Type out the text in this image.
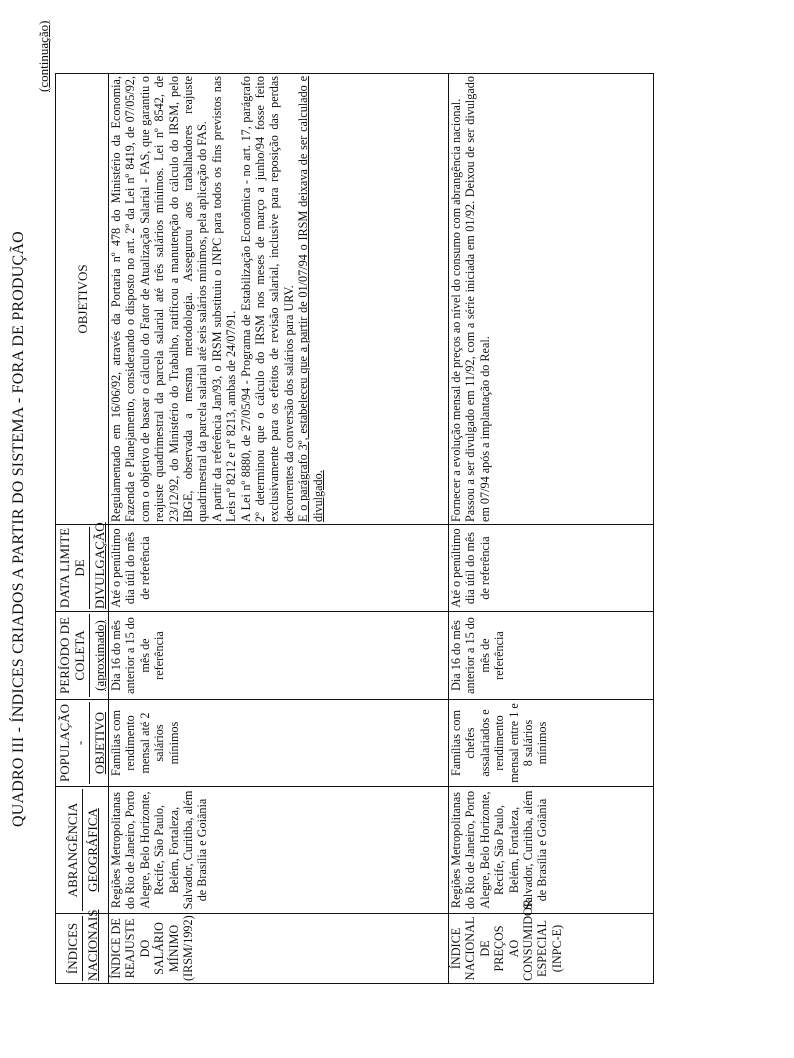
QUADRO III - ÍNDICES CRIADOS A PARTIR DO SISTEMA - FORA DE PRODUÇÃO
(continuação)
ÍNDICES NACIONAIS	ABRANGÊNCIA GEOGRÁFICA	POPULAÇÃO - OBJETIVO	PERÍODO DE COLETA (aproximado)	DATA LIMITE DE DIVULGAÇÃO	OBJETIVOS
ÍNDICE DE REAJUSTE DO SALÁRIO MÍNIMO (IRSM/1992)	Regiões Metropolitanas do Rio de Janeiro, Porto Alegre, Belo Horizonte, Recife, São Paulo, Belém, Fortaleza, Salvador, Curitiba, além de Brasília e Goiânia	Famílias com rendimento mensal até 2 salários mínimos	Dia 16 do mês anterior a 15 do mês de referência	Até o penúltimo dia útil do mês de referência	Regulamentado em 16/06/92, através da Portaria nº 478 do Ministério da Economia, Fazenda e Planejamento, considerando o disposto no art. 2º da Lei nº 8419, de 07/05/92, com o objetivo de basear o cálculo do Fator de Atualização Salarial - FAS, que garantiu o reajuste quadrimestral da parcela salarial até três salários mínimos. Lei nº 8542, de 23/12/92, do Ministério do Trabalho, ratificou a manutenção do cálculo do IRSM, pelo IBGE, observada a mesma metodologia. Assegurou aos trabalhadores reajuste quadrimestral da parcela salarial até seis salários mínimos, pela aplicação do FAS. A partir da referência Jan/93, o IRSM substituiu o INPC para todos os fins previstos nas Leis nº 8212 e nº 8213, ambas de 24/07/91. A Lei nº 8880, de 27/05/94 - Programa de Estabilização Econômica - no art. 17, parágrafo 2º determinou que o cálculo do IRSM nos meses de março a junho/94 fosse feito exclusivamente para os efeitos de revisão salarial, inclusive para reposição das perdas decorrentes da conversão dos salários para URV. E o parágrafo 3º, estabeleceu que a partir de 01/07/94 o IRSM deixava de ser calculado e divulgado.

ÍNDICE NACIONAL DE PREÇOS AO CONSUMIDOR ESPECIAL (INPC-E)	Regiões Metropolitanas do Rio de Janeiro, Porto Alegre, Belo Horizonte, Recife, São Paulo, Belém, Fortaleza, Salvador, Curitiba, além de Brasília e Goiânia	Famílias com chefes assalariados e rendimento mensal entre 1 e 8 salários mínimos	Dia 16 do mês anterior a 15 do mês de referência	Até o penúltimo dia útil do mês de referência	Fornecer a evolução mensal de preços ao nível do consumo com abrangência nacional. Passou a ser divulgado em 11/92, com a série iniciada em 01/92. Deixou de ser divulgado em 07/94 após a implantação do Real.
